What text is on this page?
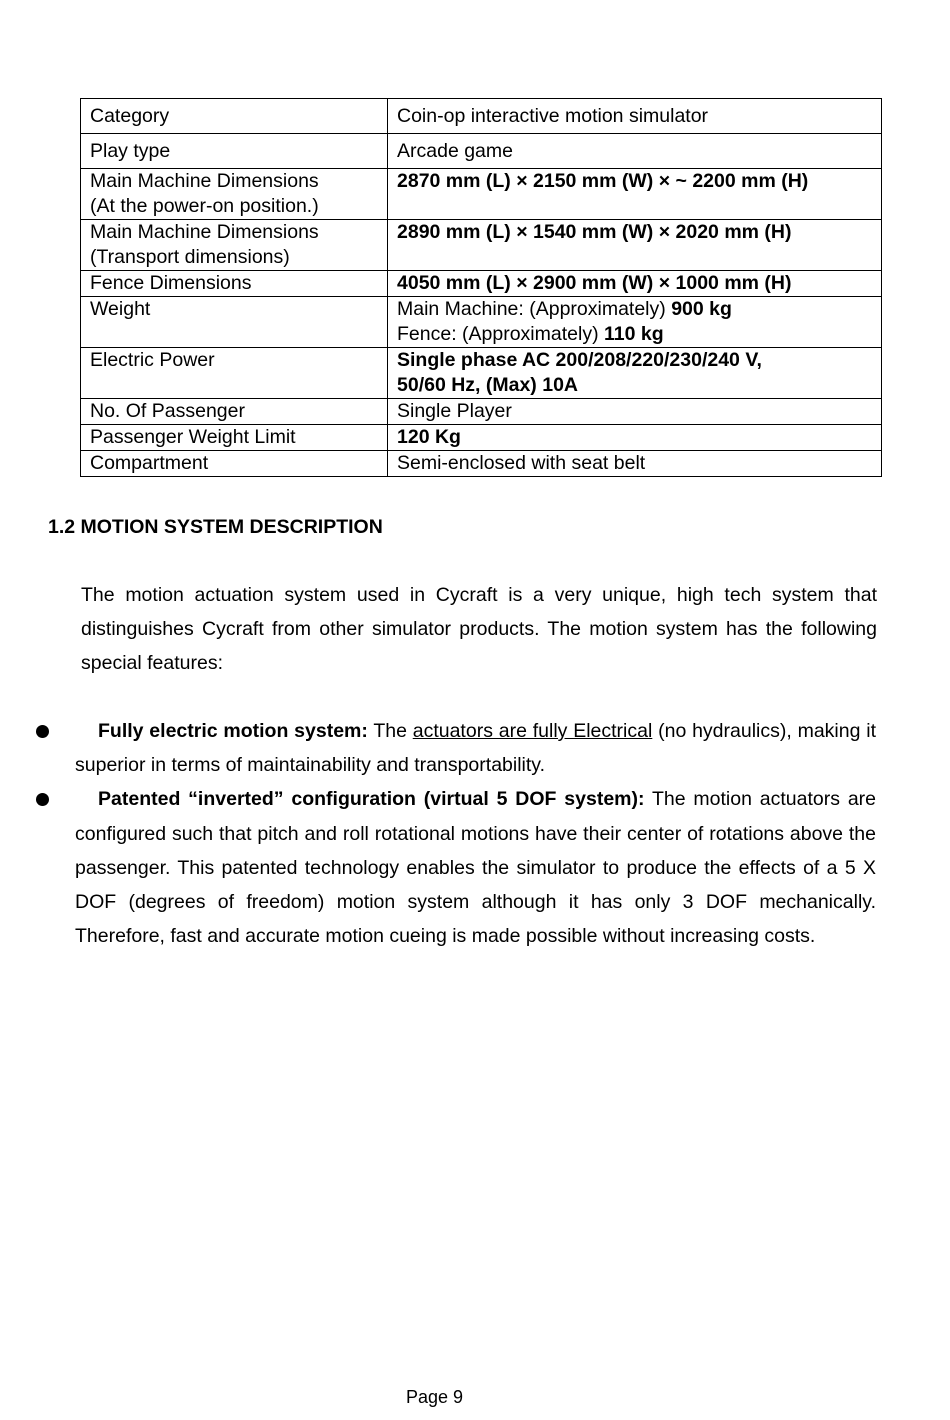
Category	Coin-op interactive motion simulator

Play type	Arcade game

Main Machine Dimensions
(At the power-on position.)	2870 mm (L) × 2150 mm (W) × ~ 2200 mm (H)

Main Machine Dimensions
(Transport dimensions)	2890 mm (L) × 1540 mm (W) × 2020 mm (H)

Fence Dimensions	4050 mm (L) × 2900 mm (W) × 1000 mm (H)

Weight	Main Machine: (Approximately) 900 kg
Fence: (Approximately) 110 kg

Electric Power	Single phase AC 200/208/220/230/240 V,
50/60 Hz, (Max) 10A

No. Of Passenger	Single Player

Passenger Weight Limit	120 Kg

Compartment	Semi-enclosed with seat belt
1.2 MOTION SYSTEM DESCRIPTION

The motion actuation system used in Cycraft is a very unique, high tech system that distinguishes Cycraft from other simulator products. The motion system has the following special features:

Fully electric motion system: The actuators are fully Electrical (no hydraulics), making it superior in terms of maintainability and transportability.

Patented “inverted” configuration (virtual 5 DOF system): The motion actuators are configured such that pitch and roll rotational motions have their center of rotations above the passenger. This patented technology enables the simulator to produce the effects of a 5 X DOF (degrees of freedom) motion system although it has only 3 DOF mechanically. Therefore, fast and accurate motion cueing is made possible without increasing costs.

Page 9
